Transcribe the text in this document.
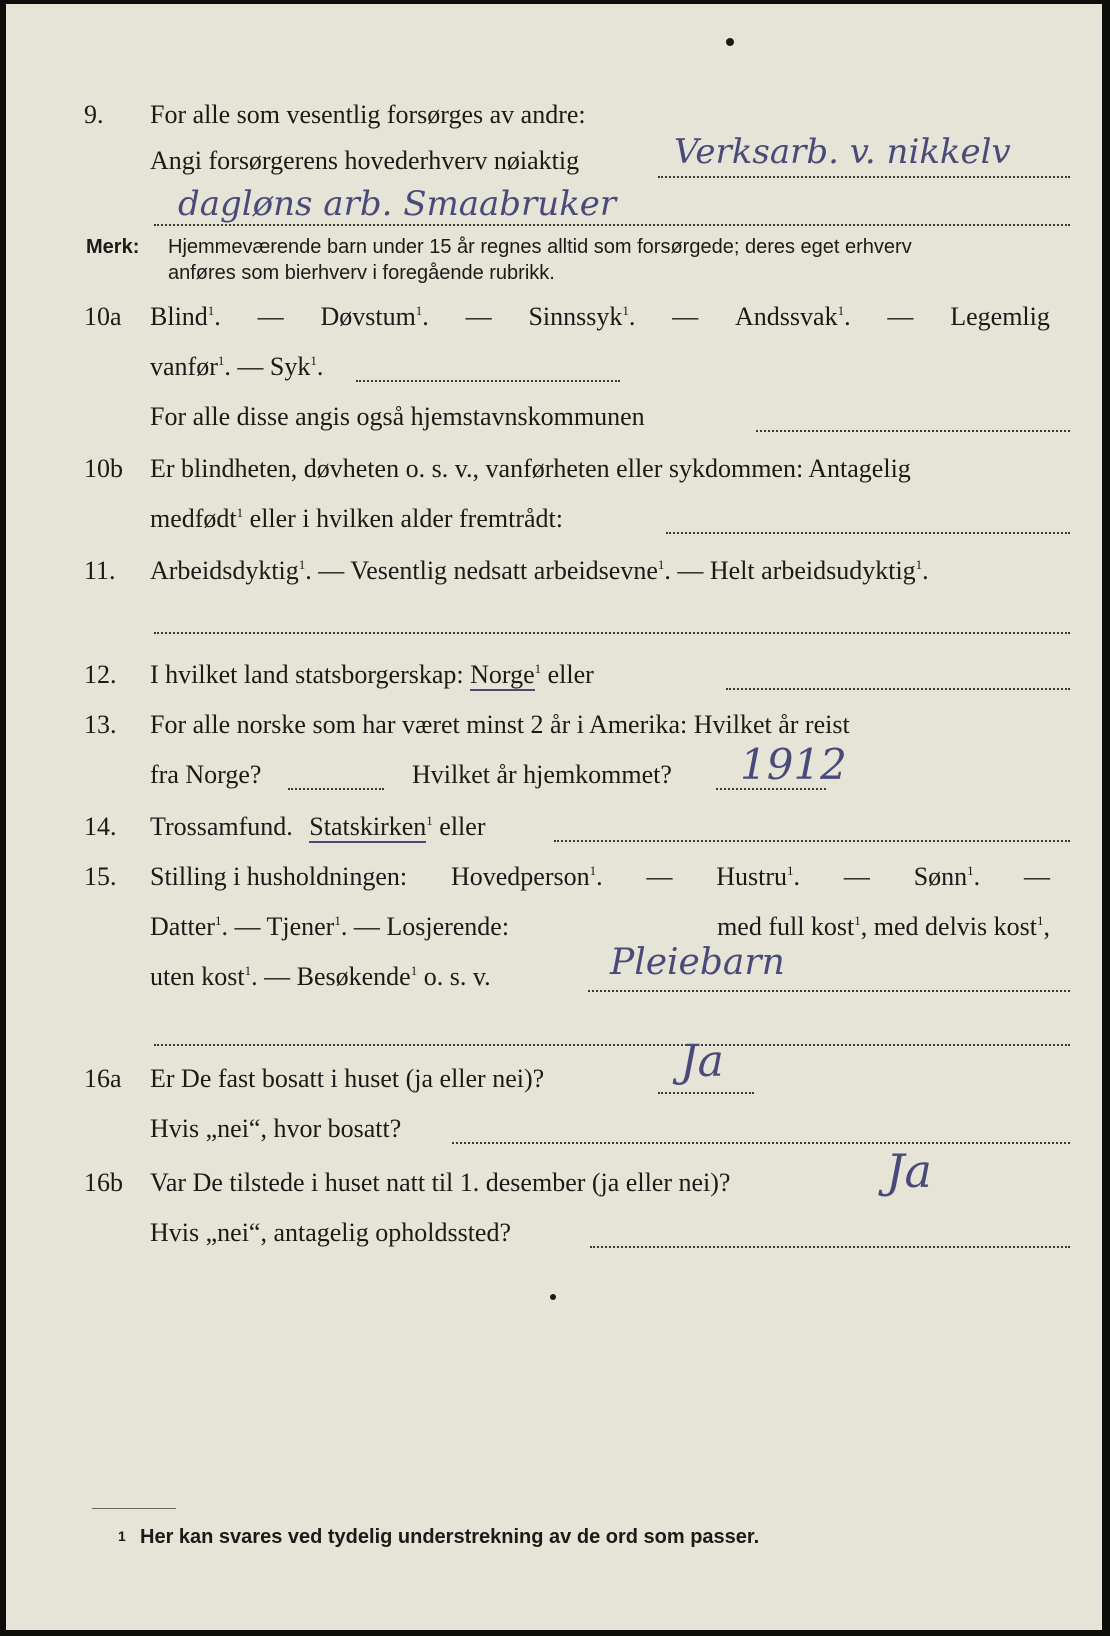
9.	For alle som vesentlig forsørges av andre:
Angi forsørgerens hovederhverv nøiaktig	Verksarb. v. nikkelv
dagløns arb. Smaabruker
Merk: Hjemmeværende barn under 15 år regnes alltid som forsørgede; deres eget erhverv
anføres som bierhverv i foregående rubrikk.
10a	Blind$^1$. — Døvstum$^1$. — Sinnssyk$^1$. — Andssvak$^1$. — Legemlig
vanfør$^1$. — Syk$^1$.
For alle disse angis også hjemstavnskommunen
10b	Er blindheten, døvheten o. s. v., vanførheten eller sykdommen: Antagelig
medfødt$^1$ eller i hvilken alder fremtrådt:
11.	Arbeidsdyktig$^1$. — Vesentlig nedsatt arbeidsevne$^1$. — Helt arbeidsudyktig$^1$.
12.	I hvilket land statsborgerskap: Norge$^1$ eller
13.	For alle norske som har været minst 2 år i Amerika: Hvilket år reist
fra Norge?	Hvilket år hjemkommet? 1912
14.	Trossamfund. Statskirken$^1$ eller
15.	Stilling i husholdningen: Hovedperson$^1$. — Hustru$^1$. — Sønn$^1$. —
Datter$^1$. — Tjener$^1$. — Losjerende:	med full kost$^1$, med delvis kost$^1$,
uten kost$^1$. — Besøkende$^1$ o. s. v.	Pleiebarn
16a	Er De fast bosatt i huset (ja eller nei)?	Ja
Hvis „nei“, hvor bosatt?
16b	Var De tilstede i huset natt til 1. desember (ja eller nei)?	Ja
Hvis „nei“, antagelig opholdssted?
1 Her kan svares ved tydelig understrekning av de ord som passer.
